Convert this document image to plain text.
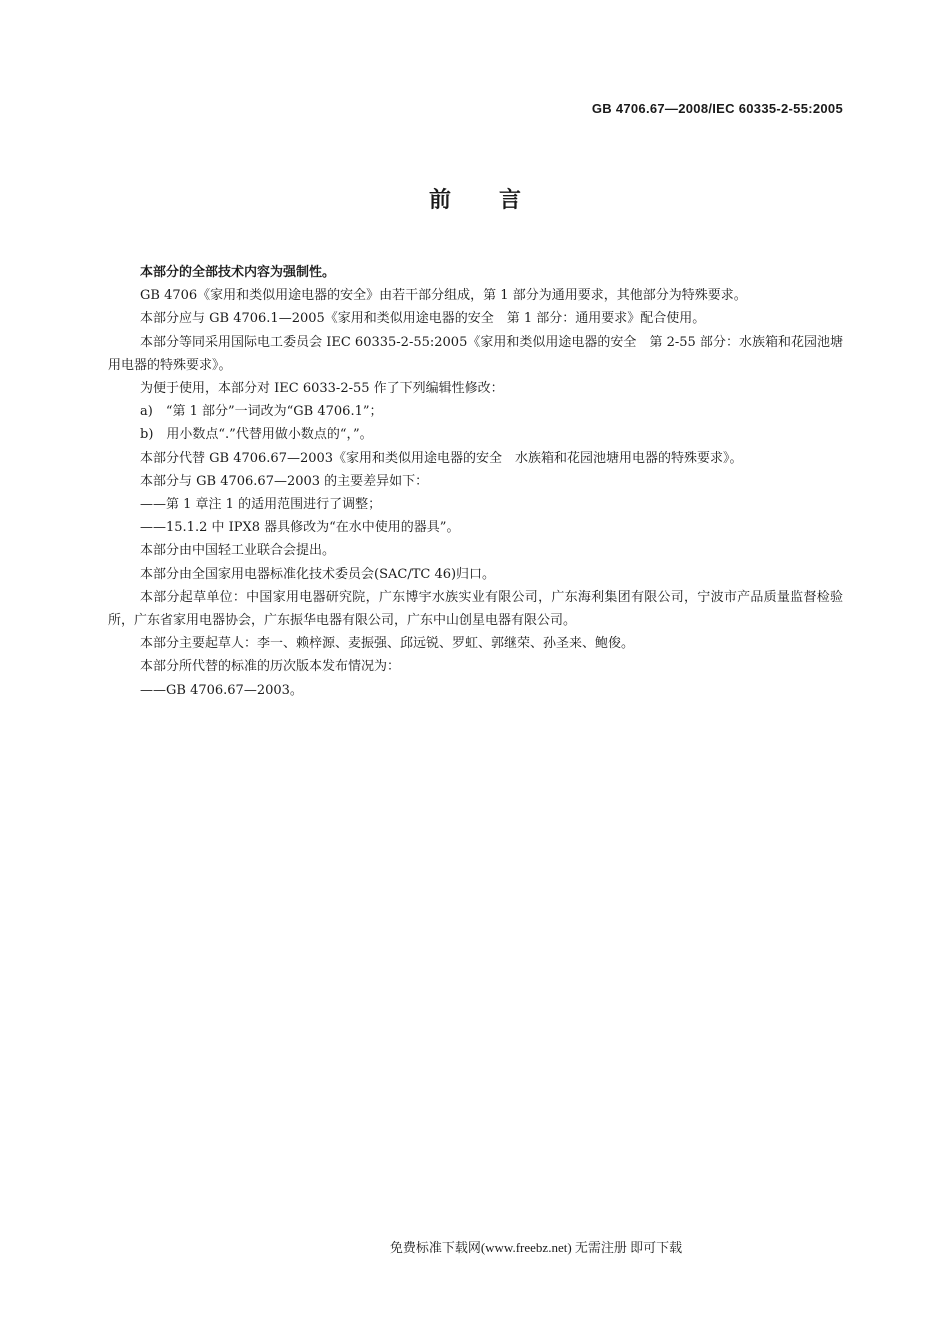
GB 4706.67—2008/IEC 60335-2-55:2005
前言

本部分的全部技术内容为强制性。

GB 4706《家用和类似用途电器的安全》由若干部分组成，第 1 部分为通用要求，其他部分为特殊要求。

本部分应与 GB 4706.1—2005《家用和类似用途电器的安全　第 1 部分：通用要求》配合使用。

本部分等同采用国际电工委员会 IEC 60335-2-55:2005《家用和类似用途电器的安全　第 2-55 部分：水族箱和花园池塘用电器的特殊要求》。

为便于使用，本部分对 IEC 6033-2-55 作了下列编辑性修改：

a)　“第 1 部分”一词改为“GB 4706.1”；

b)　用小数点“.”代替用做小数点的“，”。

本部分代替 GB 4706.67—2003《家用和类似用途电器的安全　水族箱和花园池塘用电器的特殊要求》。

本部分与 GB 4706.67—2003 的主要差异如下：

——第 1 章注 1 的适用范围进行了调整；

——15.1.2 中 IPX8 器具修改为“在水中使用的器具”。

本部分由中国轻工业联合会提出。

本部分由全国家用电器标准化技术委员会(SAC/TC 46)归口。

本部分起草单位：中国家用电器研究院，广东博宇水族实业有限公司，广东海利集团有限公司，宁波市产品质量监督检验所，广东省家用电器协会，广东振华电器有限公司，广东中山创星电器有限公司。

本部分主要起草人：李一、赖梓源、麦振强、邱远锐、罗虹、郭继荣、孙圣来、鲍俊。

本部分所代替的标准的历次版本发布情况为：

——GB 4706.67—2003。

免费标准下载网(www.freebz.net) 无需注册 即可下载
